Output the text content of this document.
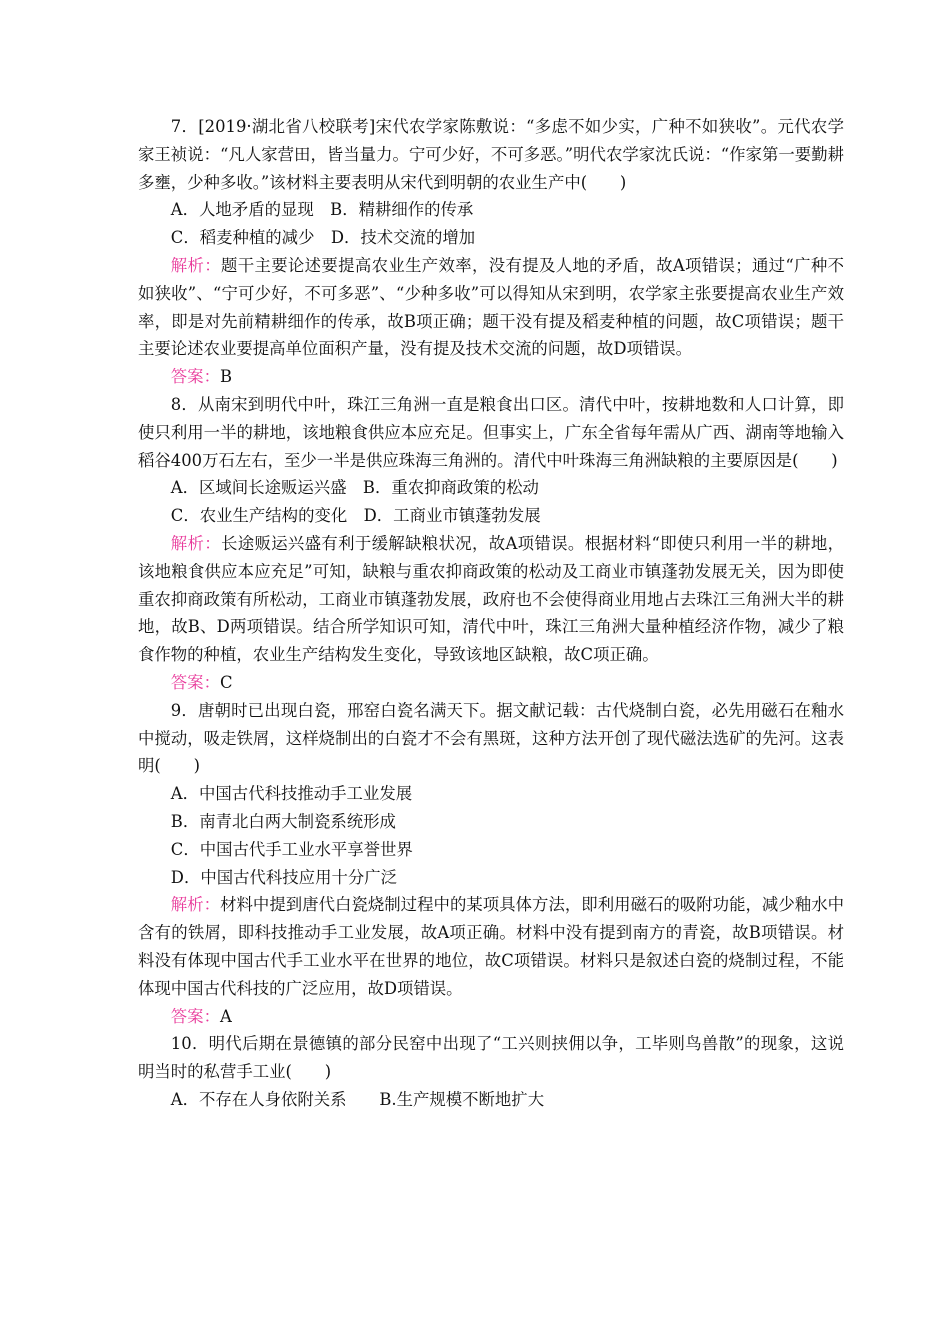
7．[2019·湖北省八校联考]宋代农学家陈敷说：“多虑不如少实，广种不如狭收”。元代农学家王祯说：“凡人家营田，皆当量力。宁可少好，不可多恶。”明代农学家沈氏说：“作家第一要勤耕多壅，少种多收。”该材料主要表明从宋代到明朝的农业生产中(　　)

A．人地矛盾的显现　B．精耕细作的传承

C．稻麦种植的减少　D．技术交流的增加

解析：题干主要论述要提高农业生产效率，没有提及人地的矛盾，故A项错误；通过“广种不如狭收”、“宁可少好，不可多恶”、“少种多收”可以得知从宋到明，农学家主张要提高农业生产效率，即是对先前精耕细作的传承，故B项正确；题干没有提及稻麦种植的问题，故C项错误；题干主要论述农业要提高单位面积产量，没有提及技术交流的问题，故D项错误。

答案：B

8．从南宋到明代中叶，珠江三角洲一直是粮食出口区。清代中叶，按耕地数和人口计算，即使只利用一半的耕地，该地粮食供应本应充足。但事实上，广东全省每年需从广西、湖南等地输入稻谷400万石左右，至少一半是供应珠海三角洲的。清代中叶珠海三角洲缺粮的主要原因是(　　)

A．区域间长途贩运兴盛　B．重农抑商政策的松动

C．农业生产结构的变化　D．工商业市镇蓬勃发展

解析：长途贩运兴盛有利于缓解缺粮状况，故A项错误。根据材料“即使只利用一半的耕地，该地粮食供应本应充足”可知，缺粮与重农抑商政策的松动及工商业市镇蓬勃发展无关，因为即使重农抑商政策有所松动，工商业市镇蓬勃发展，政府也不会使得商业用地占去珠江三角洲大半的耕地，故B、D两项错误。结合所学知识可知，清代中叶，珠江三角洲大量种植经济作物，减少了粮食作物的种植，农业生产结构发生变化，导致该地区缺粮，故C项正确。

答案：C

9．唐朝时已出现白瓷，邢窑白瓷名满天下。据文献记载：古代烧制白瓷，必先用磁石在釉水中搅动，吸走铁屑，这样烧制出的白瓷才不会有黑斑，这种方法开创了现代磁法选矿的先河。这表明(　　)

A．中国古代科技推动手工业发展

B．南青北白两大制瓷系统形成

C．中国古代手工业水平享誉世界

D．中国古代科技应用十分广泛

解析：材料中提到唐代白瓷烧制过程中的某项具体方法，即利用磁石的吸附功能，减少釉水中含有的铁屑，即科技推动手工业发展，故A项正确。材料中没有提到南方的青瓷，故B项错误。材料没有体现中国古代手工业水平在世界的地位，故C项错误。材料只是叙述白瓷的烧制过程，不能体现中国古代科技的广泛应用，故D项错误。

答案：A

10．明代后期在景德镇的部分民窑中出现了“工兴则挟佣以争，工毕则鸟兽散”的现象，这说明当时的私营手工业(　　)

A．不存在人身依附关系　　B.生产规模不断地扩大
